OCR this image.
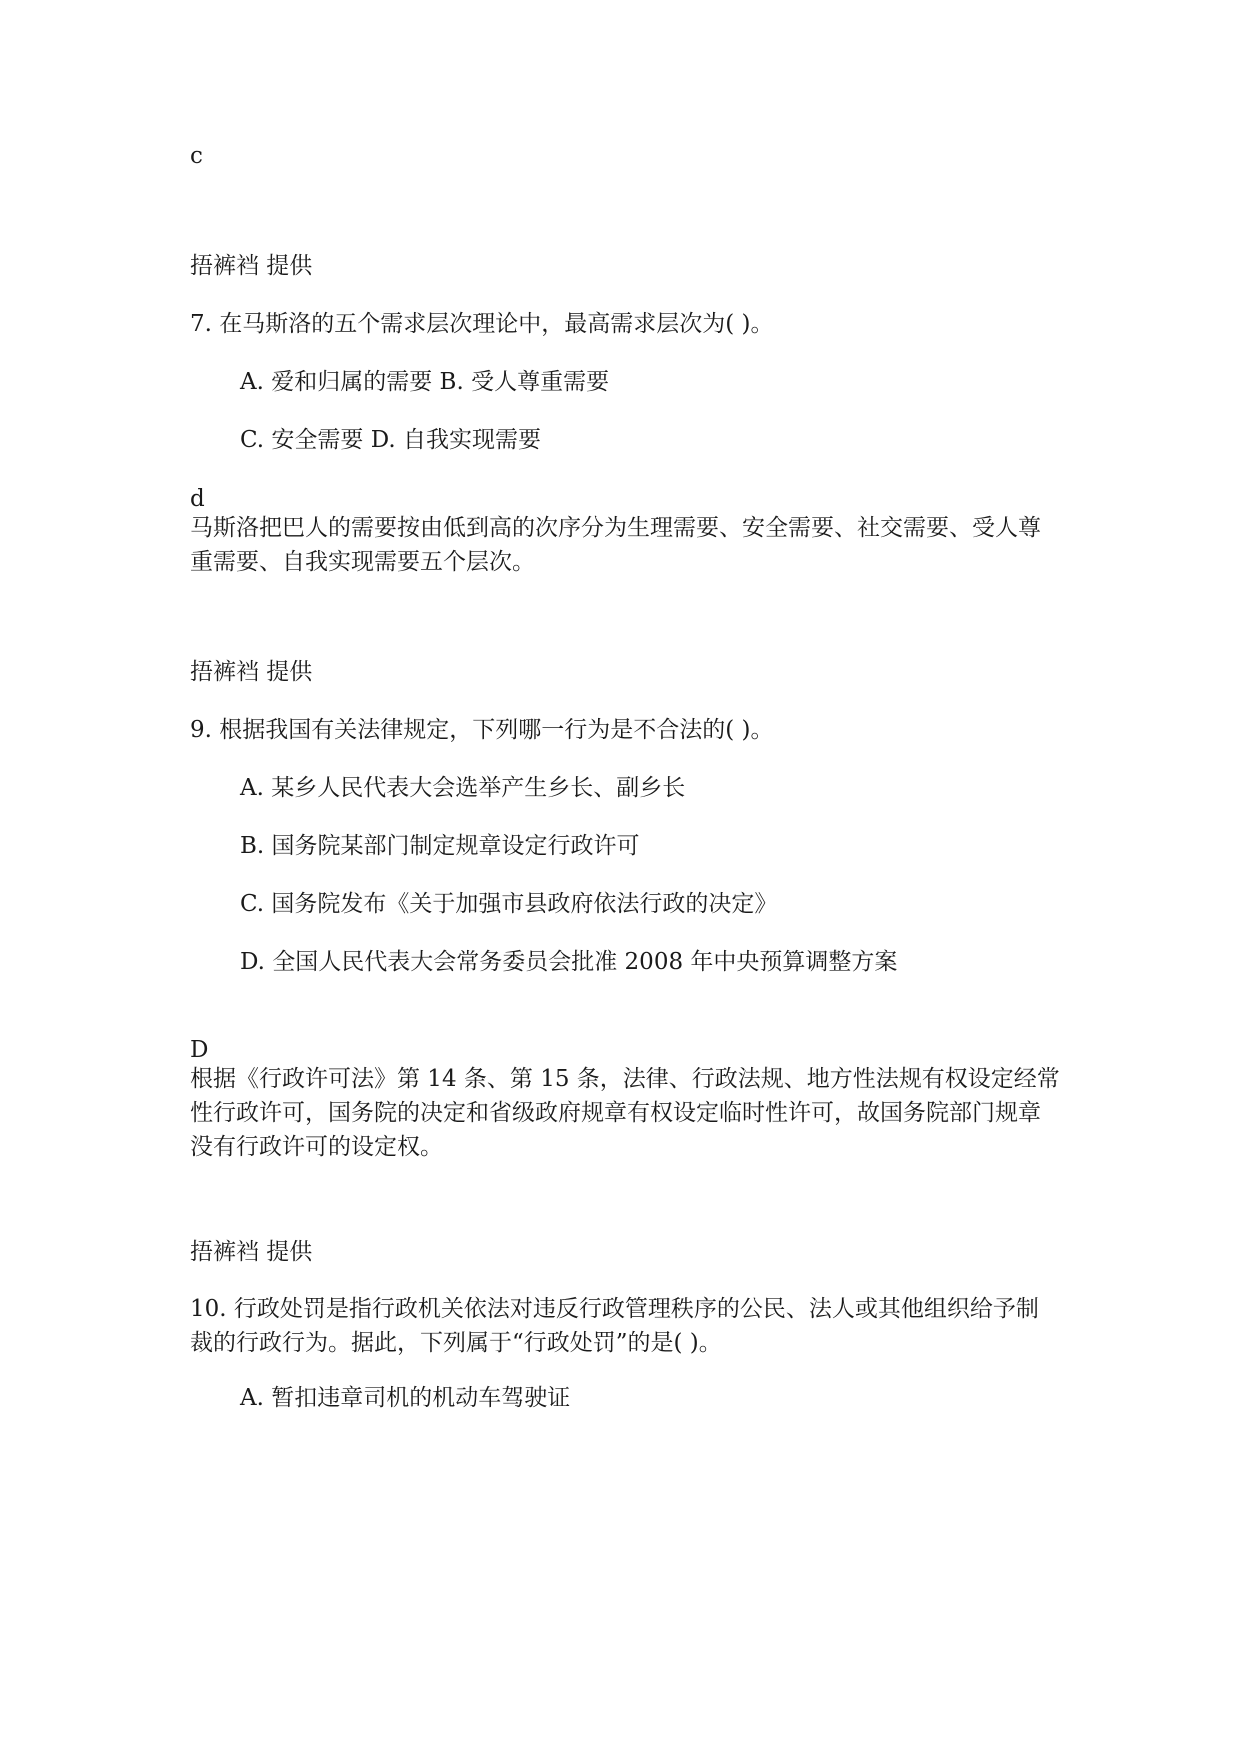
c
捂裤裆 提供
7. 在马斯洛的五个需求层次理论中，最高需求层次为( )。
A. 爱和归属的需要 B. 受人尊重需要
C. 安全需要 D. 自我实现需要
d
马斯洛把巴人的需要按由低到高的次序分为生理需要、安全需要、社交需要、受人尊重需要、自我实现需要五个层次。
捂裤裆 提供
9. 根据我国有关法律规定，下列哪一行为是不合法的( )。
A. 某乡人民代表大会选举产生乡长、副乡长
B. 国务院某部门制定规章设定行政许可
C. 国务院发布《关于加强市县政府依法行政的决定》
D. 全国人民代表大会常务委员会批准 2008 年中央预算调整方案
D
根据《行政许可法》第 14 条、第 15 条，法律、行政法规、地方性法规有权设定经常性行政许可，国务院的决定和省级政府规章有权设定临时性许可，故国务院部门规章没有行政许可的设定权。
捂裤裆 提供
10. 行政处罚是指行政机关依法对违反行政管理秩序的公民、法人或其他组织给予制裁的行政行为。据此，下列属于“行政处罚”的是( )。
A. 暂扣违章司机的机动车驾驶证
